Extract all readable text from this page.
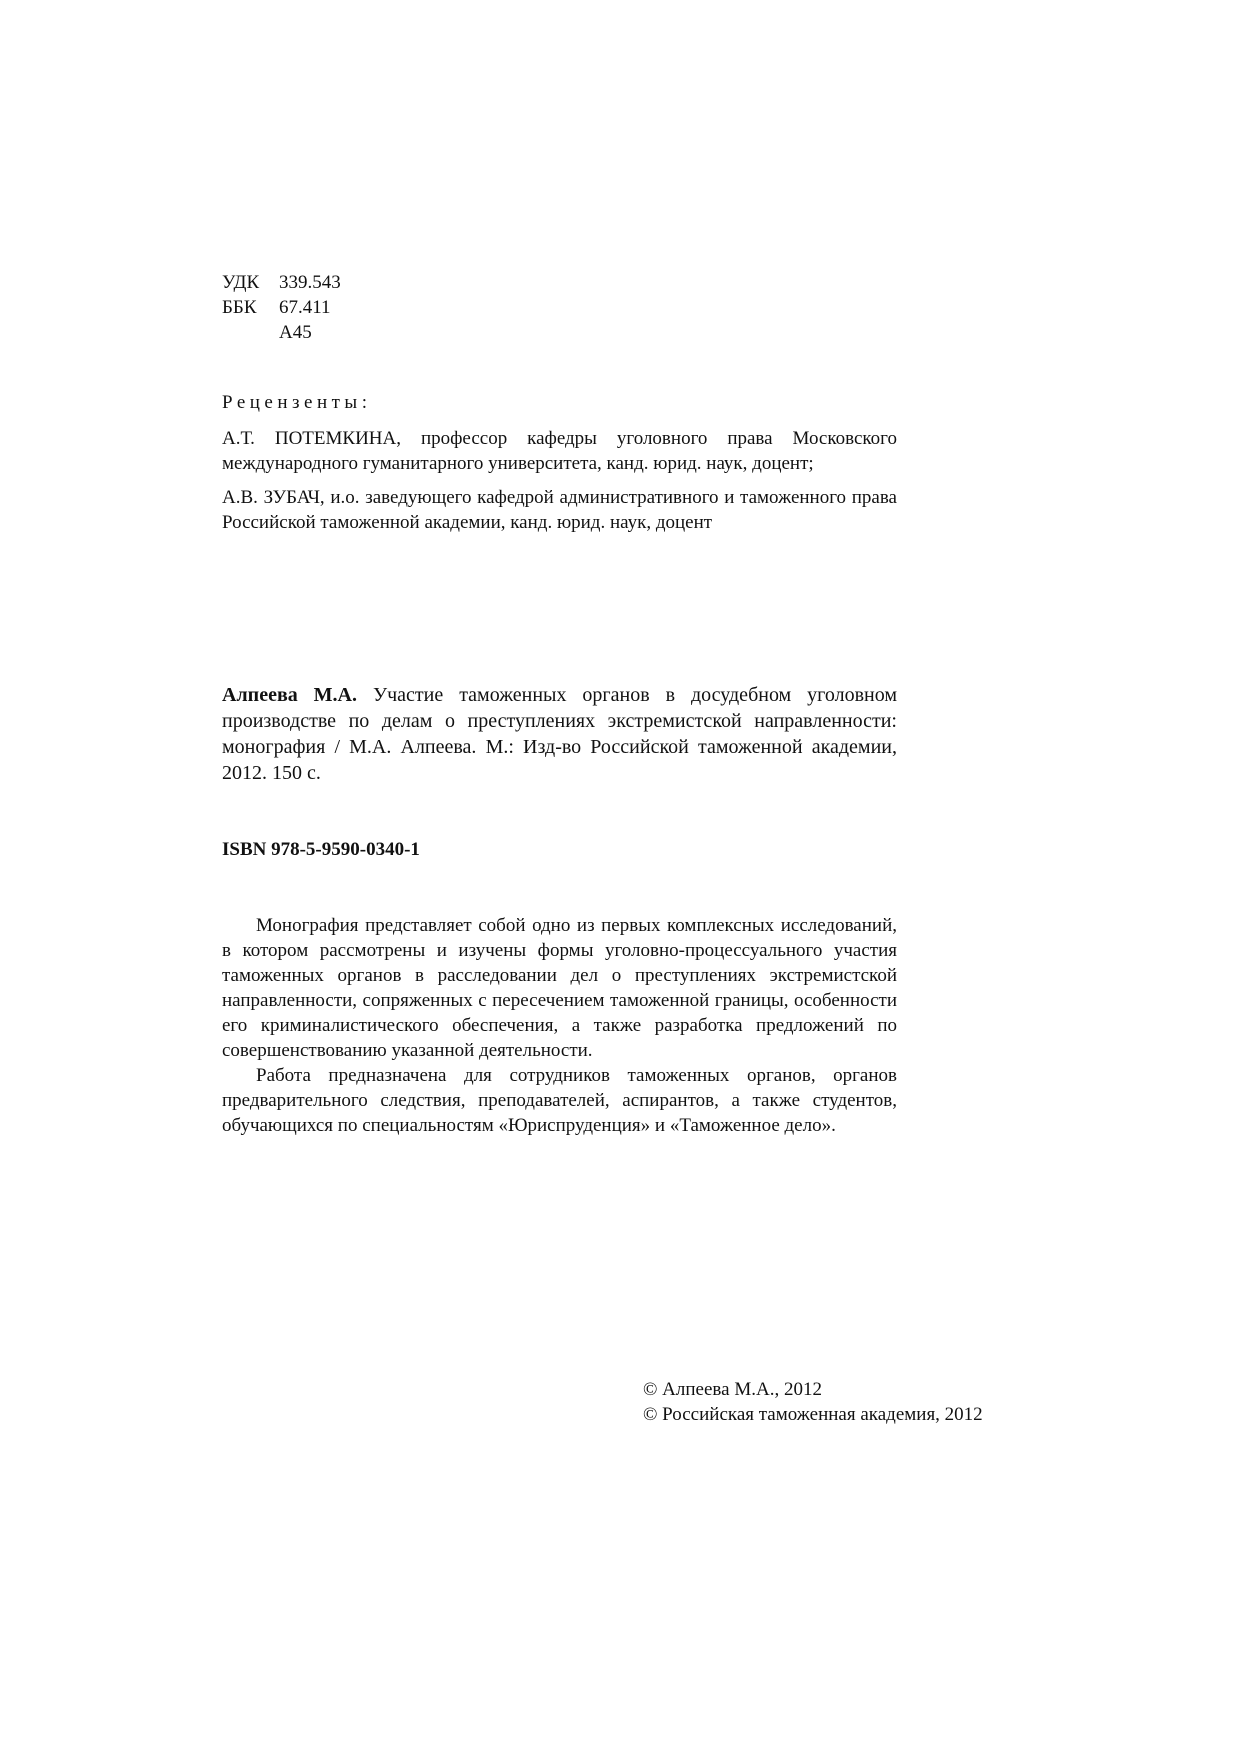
УДК	339.543
ББК	67.411
А45
Рецензенты:
А.Т. ПОТЕМКИНА, профессор кафедры уголовного права Московского международного гуманитарного университета, канд. юрид. наук, доцент;
А.В. ЗУБАЧ, и.о. заведующего кафедрой административного и таможенного права Российской таможенной академии, канд. юрид. наук, доцент

Алпеева М.А. Участие таможенных органов в досудебном уголовном производстве по делам о преступлениях экстремистской направленности: монография / М.А. Алпеева. М.: Изд-во Российской таможенной академии, 2012. 150 с.

ISBN 978-5-9590-0340-1

Монография представляет собой одно из первых комплексных исследований, в котором рассмотрены и изучены формы уголовно-процессуального участия таможенных органов в расследовании дел о преступлениях экстремистской направленности, сопряженных с пересечением таможенной границы, особенности его криминалистического обеспечения, а также разработка предложений по совершенствованию указанной деятельности.

Работа предназначена для сотрудников таможенных органов, органов предварительного следствия, преподавателей, аспирантов, а также студентов, обучающихся по специальностям «Юриспруденция» и «Таможенное дело».

© Алпеева М.А., 2012
© Российская таможенная академия, 2012
